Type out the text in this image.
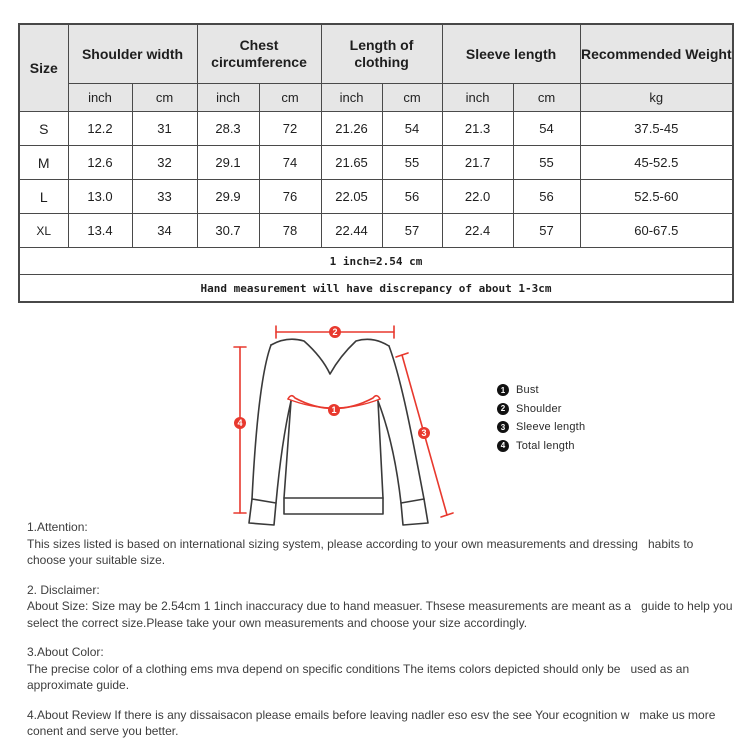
Size	Shoulder width		Chest circumference		Length of clothing		Sleeve length		Recommended Weight
	inch	cm	inch	cm	inch	cm	inch	cm	kg
S	12.2	31	28.3	72	21.26	54	21.3	54	37.5-45
M	12.6	32	29.1	74	21.65	55	21.7	55	45-52.5
L	13.0	33	29.9	76	22.05	56	22.0	56	52.5-60
XL	13.4	34	30.7	78	22.44	57	22.4	57	60-67.5
1 inch=2.54 cm									
Hand measurement will have discrepancy of about 1-3cm									
2
1
4
3
1 Bust
2 Shoulder
3 Sleeve length
4 Total length
1.Attention:
This sizes listed is based on international sizing system, please according to your own measurements and dressing   habits to choose your suitable size.
2. Disclaimer:
About Size: Size may be 2.54cm 1 1inch inaccuracy due to hand measuer. Thsese measurements are meant as a   guide to help you select the correct size.Please take your own measurements and choose your size accordingly.
3.About Color:
The precise color of a clothing ems mva depend on specific conditions The items colors depicted should only be   used as an approximate guide.
4.About Review If there is any dissaisacon please emails before leaving nadler eso esv the see Your ecognition w   make us more conent and serve you better.
